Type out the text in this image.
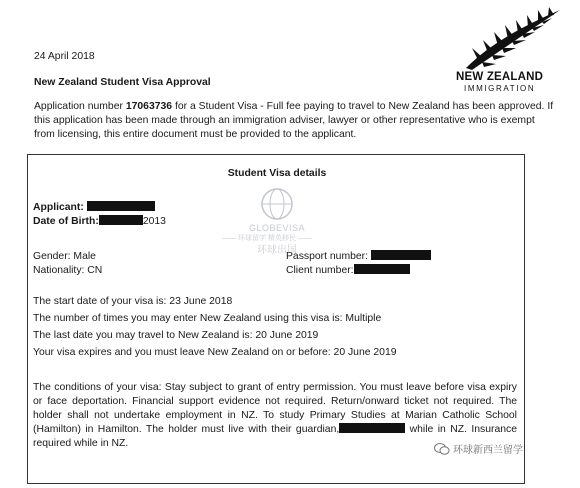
NEW ZEALAND
IMMIGRATION
24 April 2018
New Zealand Student Visa Approval
Application number 17063736 for a Student Visa - Full fee paying to travel to New Zealand has been approved. If this application has been made through an immigration adviser, lawyer or other representative who is exempt from licensing, this entire document must be provided to the applicant.
Student Visa details
Applicant:
Date of Birth:	2013
Gender: Male
Nationality: CN
Passport number:
Client number:
The start date of your visa is: 23 June 2018
The number of times you may enter New Zealand using this visa is: Multiple
The last date you may travel to New Zealand is: 20 June 2019
Your visa expires and you must leave New Zealand on or before: 20 June 2019
The conditions of your visa: Stay subject to grant of entry permission. You must leave before visa expiry or face deportation. Financial support evidence not required. Return/onward ticket not required. The holder shall not undertake employment in NZ. To study Primary Studies at Marian Catholic School (Hamilton) in Hamilton. The holder must live with their guardian,	while in NZ. Insurance required while in NZ.
GLOBEVISA
—— 环球留学 精英移民 ——
环球出国
环球新西兰留学
